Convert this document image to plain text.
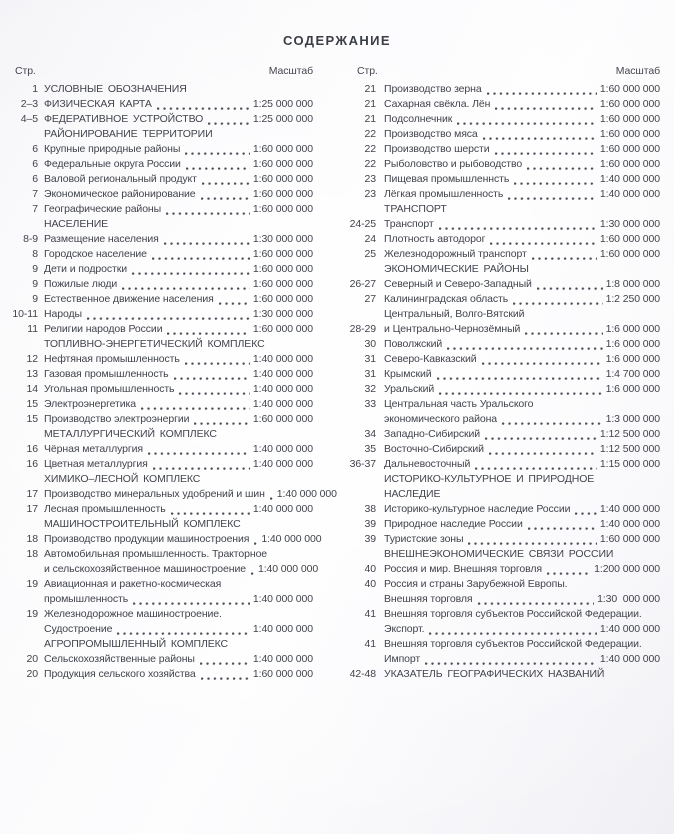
СОДЕРЖАНИЕ
Стр.	Масштаб
1 УСЛОВНЫЕ ОБОЗНАЧЕНИЯ
2–3 ФИЗИЧЕСКАЯ КАРТА	1:25 000 000
4–5 ФЕДЕРАТИВНОЕ УСТРОЙСТВО	1:25 000 000
РАЙОНИРОВАНИЕ ТЕРРИТОРИИ
6 Крупные природные районы	1:60 000 000
6 Федеральные округа России	1:60 000 000
6 Валовой региональный продукт	1:60 000 000
7 Экономическое районирование	1:60 000 000
7 Географические районы	1:60 000 000
НАСЕЛЕНИЕ
8-9 Размещение населения	1:30 000 000
8 Городское население	1:60 000 000
9 Дети и подростки	1:60 000 000
9 Пожилые люди	1:60 000 000
9 Естественное движение населения	1:60 000 000
10-11 Народы	1:30 000 000
11 Религии народов России	1:60 000 000
ТОПЛИВНО-ЭНЕРГЕТИЧЕСКИЙ КОМПЛЕКС
12 Нефтяная промышленность	1:40 000 000
13 Газовая промышленность	1:40 000 000
14 Угольная промышленность	1:40 000 000
15 Электроэнергетика	1:40 000 000
15 Производство электроэнергии	1:60 000 000
МЕТАЛЛУРГИЧЕСКИЙ КОМПЛЕКС
16 Чёрная металлургия	1:40 000 000
16 Цветная металлургия	1:40 000 000
ХИМИКО–ЛЕСНОЙ КОМПЛЕКС
17 Производство минеральных удобрений и шин 1:40 000 000
17 Лесная промышленность	1:40 000 000
МАШИНОСТРОИТЕЛЬНЫЙ КОМПЛЕКС
18 Производство продукции машиностроения 1:40 000 000
18 Автомобильная промышленность. Тракторное
и сельскохозяйственное машиностроение 1:40 000 000
19 Авиационная и ракетно-космическая
промышленность	1:40 000 000
19 Железнодорожное машиностроение.
Судостроение	1:40 000 000
АГРОПРОМЫШЛЕННЫЙ КОМПЛЕКС
20 Сельскохозяйственные районы	1:40 000 000
20 Продукция сельского хозяйства	1:60 000 000
Стр.	Масштаб
21 Производство зерна	1:60 000 000
21 Сахарная свёкла. Лён	1:60 000 000
21 Подсолнечник	1:60 000 000
22 Производство мяса	1:60 000 000
22 Производство шерсти	1:60 000 000
22 Рыболовство и рыбоводство	1:60 000 000
23 Пищевая промышленнсть	1:40 000 000
23 Лёгкая промышленность	1:40 000 000
ТРАНСПОРТ
24-25 Транспорт	1:30 000 000
24 Плотность автодорог	1:60 000 000
25 Железнодорожный транспорт	1:60 000 000
ЭКОНОМИЧЕСКИЕ РАЙОНЫ
26-27 Северный и Северо-Западный	1:8 000 000
27 Калининградская область	1:2 250 000
Центральный, Волго-Вятский
28-29 и Центрально-Чернозёмный	1:6 000 000
30 Поволжский	1:6 000 000
31 Северо-Кавказский	1:6 000 000
31 Крымский	1:4 700 000
32 Уральский	1:6 000 000
33 Центральная часть Уральского
экономического района	1:3 000 000
34 Западно-Сибирский	1:12 500 000
35 Восточно-Сибирский	1:12 500 000
36-37 Дальневосточный	1:15 000 000
ИСТОРИКО-КУЛЬТУРНОЕ И ПРИРОДНОЕ
НАСЛЕДИЕ
38 Историко-культурное наследие России	1:40 000 000
39 Природное наследие России	1:40 000 000
39 Туристские зоны	1:60 000 000
ВНЕШНЕЭКОНОМИЧЕСКИЕ СВЯЗИ РОССИИ
40 Россия и мир. Внешняя торговля	1:200 000 000
40 Россия и страны Зарубежной Европы.
Внешняя торговля	1:30  000 000
41 Внешняя торговля субъектов Российской Федерации.
Экспорт.	1:40 000 000
41 Внешняя торговля субъектов Российской Федерации.
Импорт	1:40 000 000
42-48 УКАЗАТЕЛЬ ГЕОГРАФИЧЕСКИХ НАЗВАНИЙ
